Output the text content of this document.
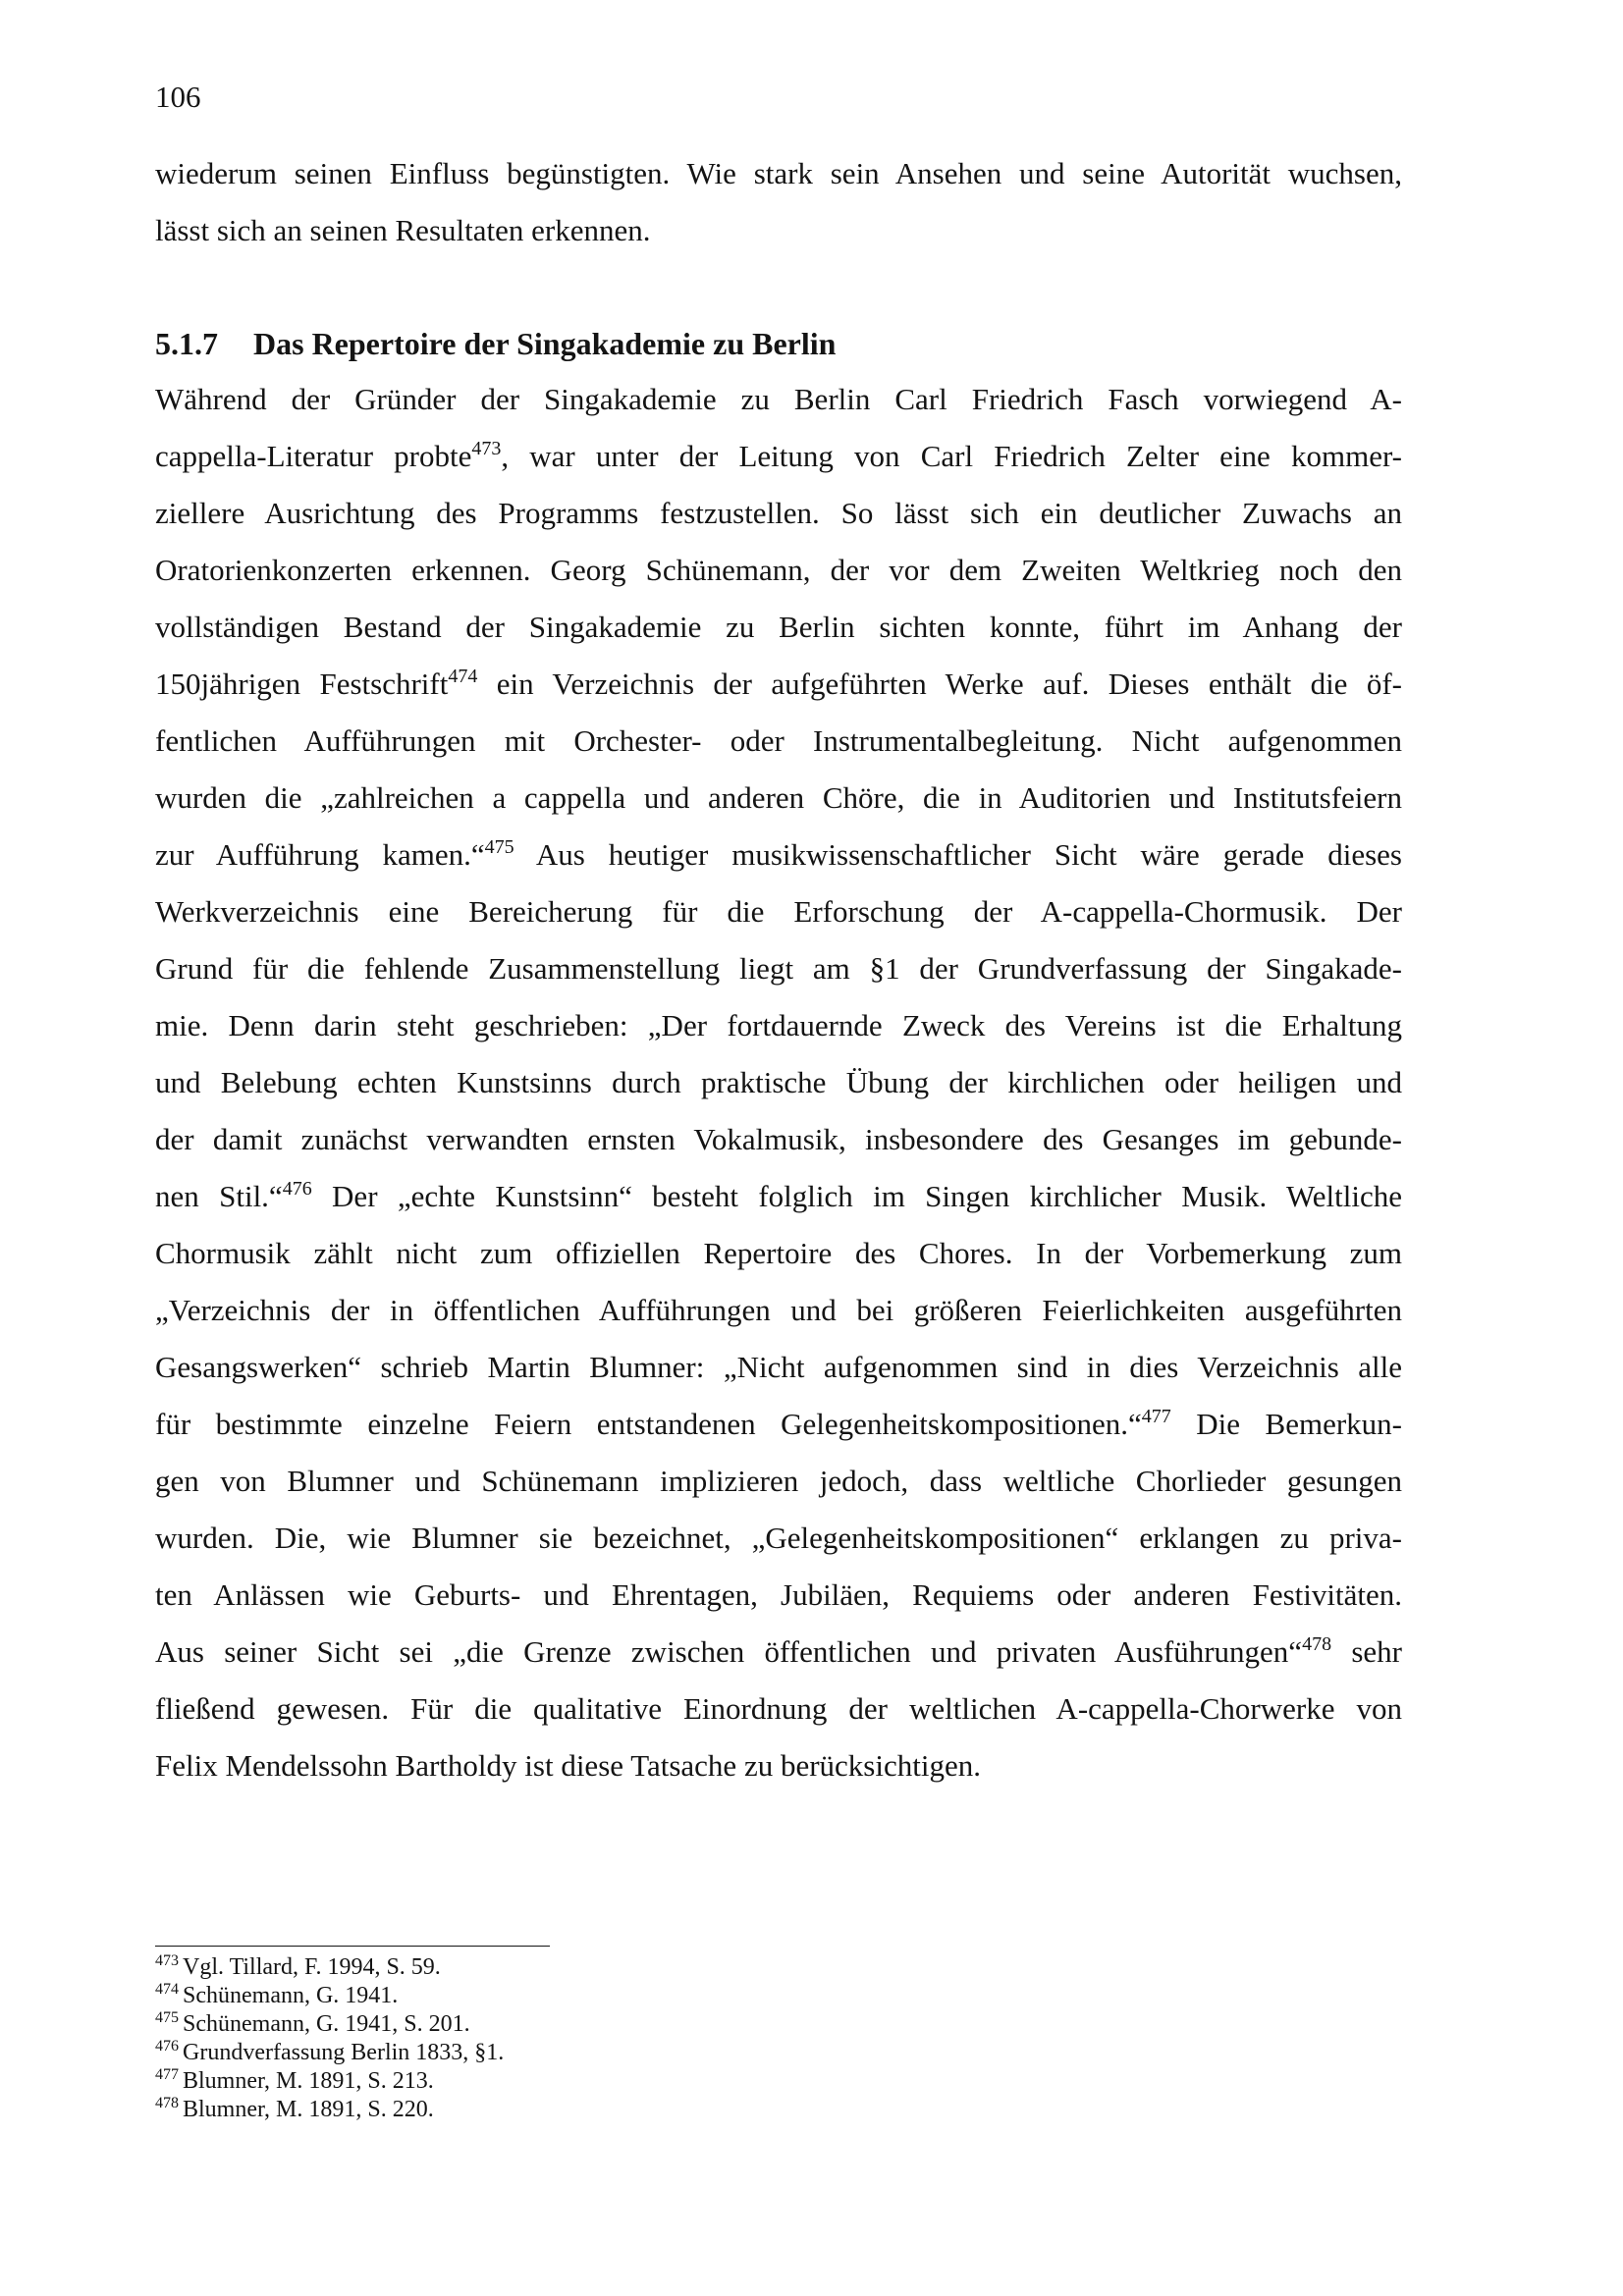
106
wiederum seinen Einfluss begünstigten. Wie stark sein Ansehen und seine Autorität wuchsen,
lässt sich an seinen Resultaten erkennen.
5.1.7 Das Repertoire der Singakademie zu Berlin
Während der Gründer der Singakademie zu Berlin Carl Friedrich Fasch vorwiegend A-
cappella-Literatur probte$^{473}$, war unter der Leitung von Carl Friedrich Zelter eine kommer-
ziellere Ausrichtung des Programms festzustellen. So lässt sich ein deutlicher Zuwachs an
Oratorienkonzerten erkennen. Georg Schünemann, der vor dem Zweiten Weltkrieg noch den
vollständigen Bestand der Singakademie zu Berlin sichten konnte, führt im Anhang der
150jährigen Festschrift$^{474}$ ein Verzeichnis der aufgeführten Werke auf. Dieses enthält die öf-
fentlichen Aufführungen mit Orchester- oder Instrumentalbegleitung. Nicht aufgenommen
wurden die „zahlreichen a cappella und anderen Chöre, die in Auditorien und Institutsfeiern
zur Aufführung kamen.“$^{475}$ Aus heutiger musikwissenschaftlicher Sicht wäre gerade dieses
Werkverzeichnis eine Bereicherung für die Erforschung der A-cappella-Chormusik. Der
Grund für die fehlende Zusammenstellung liegt am §1 der Grundverfassung der Singakade-
mie. Denn darin steht geschrieben: „Der fortdauernde Zweck des Vereins ist die Erhaltung
und Belebung echten Kunstsinns durch praktische Übung der kirchlichen oder heiligen und
der damit zunächst verwandten ernsten Vokalmusik, insbesondere des Gesanges im gebunde-
nen Stil.“$^{476}$ Der „echte Kunstsinn“ besteht folglich im Singen kirchlicher Musik. Weltliche
Chormusik zählt nicht zum offiziellen Repertoire des Chores. In der Vorbemerkung zum
„Verzeichnis der in öffentlichen Aufführungen und bei größeren Feierlichkeiten ausgeführten
Gesangswerken“ schrieb Martin Blumner: „Nicht aufgenommen sind in dies Verzeichnis alle
für bestimmte einzelne Feiern entstandenen Gelegenheitskompositionen.“$^{477}$ Die Bemerkun-
gen von Blumner und Schünemann implizieren jedoch, dass weltliche Chorlieder gesungen
wurden. Die, wie Blumner sie bezeichnet, „Gelegenheitskompositionen“ erklangen zu priva-
ten Anlässen wie Geburts- und Ehrentagen, Jubiläen, Requiems oder anderen Festivitäten.
Aus seiner Sicht sei „die Grenze zwischen öffentlichen und privaten Ausführungen“$^{478}$ sehr
fließend gewesen. Für die qualitative Einordnung der weltlichen A-cappella-Chorwerke von
Felix Mendelssohn Bartholdy ist diese Tatsache zu berücksichtigen.
$^{473}$ Vgl. Tillard, F. 1994, S. 59.
$^{474}$ Schünemann, G. 1941.
$^{475}$ Schünemann, G. 1941, S. 201.
$^{476}$ Grundverfassung Berlin 1833, §1.
$^{477}$ Blumner, M. 1891, S. 213.
$^{478}$ Blumner, M. 1891, S. 220.
